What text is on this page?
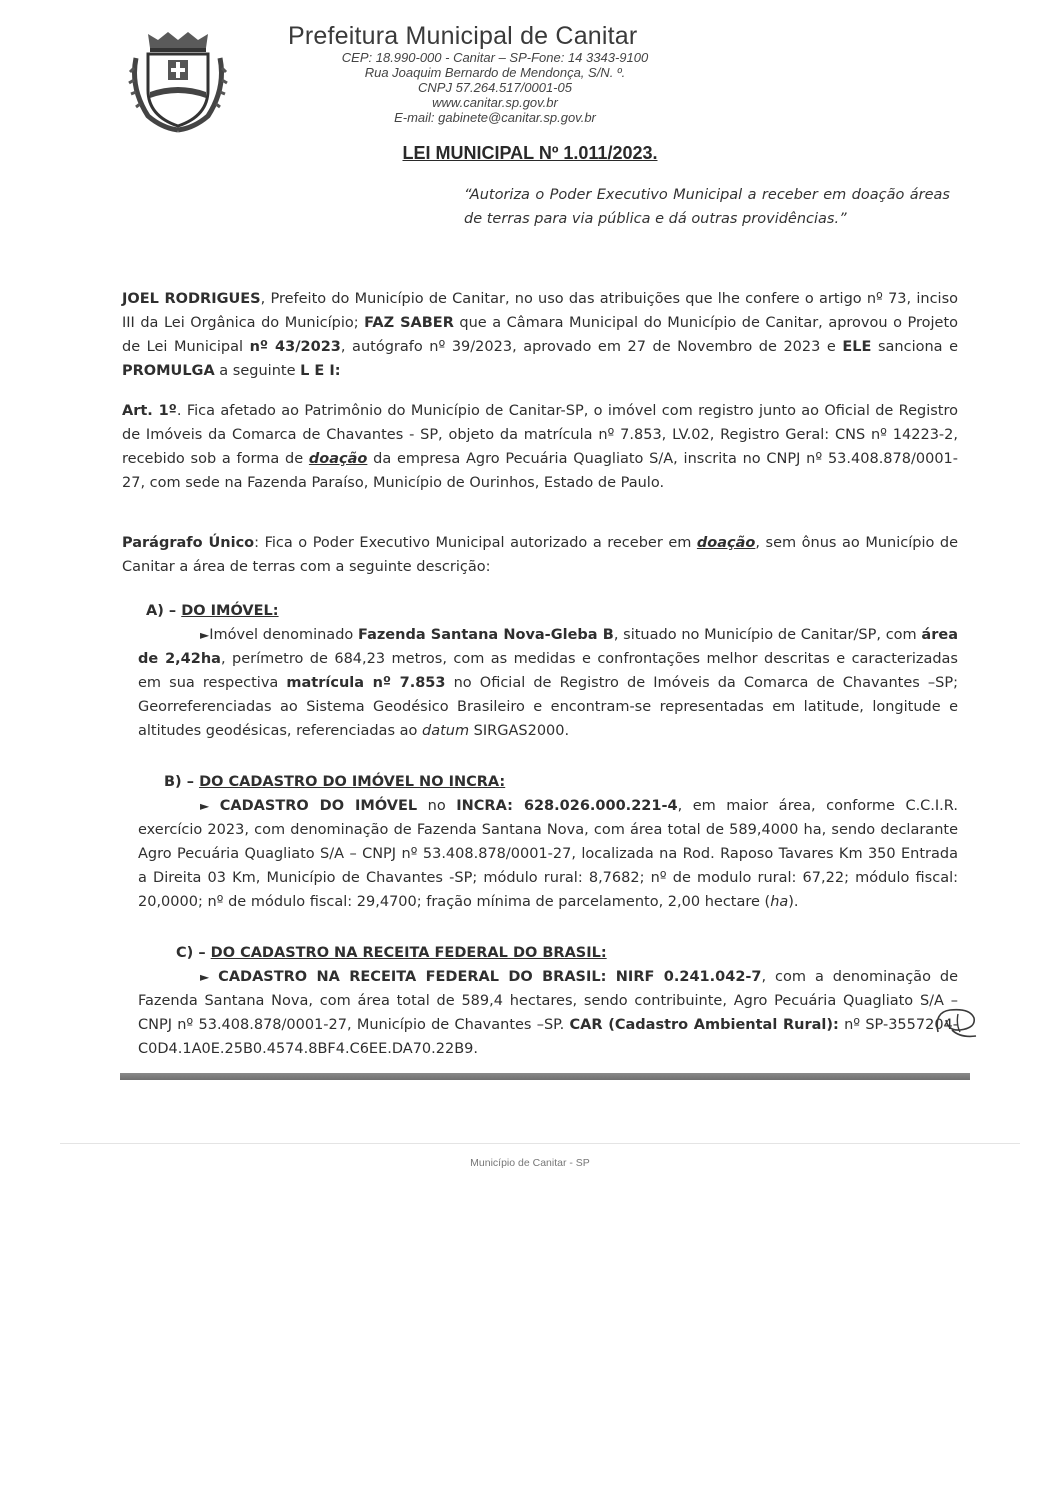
Prefeitura Municipal de Canitar
CEP: 18.990-000 - Canitar – SP-Fone: 14 3343-9100
Rua Joaquim Bernardo de Mendonça, S/N. º.
CNPJ 57.264.517/0001-05
www.canitar.sp.gov.br
E-mail: gabinete@canitar.sp.gov.br
LEI MUNICIPAL Nº 1.011/2023.
“Autoriza o Poder Executivo Municipal a receber em doação áreas de terras para via pública e dá outras providências.”
JOEL RODRIGUES, Prefeito do Município de Canitar, no uso das atribuições que lhe confere o artigo nº 73, inciso III da Lei Orgânica do Município; FAZ SABER que a Câmara Municipal do Município de Canitar, aprovou o Projeto de Lei Municipal nº 43/2023, autógrafo nº 39/2023, aprovado em 27 de Novembro de 2023 e ELE sanciona e PROMULGA a seguinte L E I:
Art. 1º. Fica afetado ao Patrimônio do Município de Canitar-SP, o imóvel com registro junto ao Oficial de Registro de Imóveis da Comarca de Chavantes - SP, objeto da matrícula nº 7.853, LV.02, Registro Geral: CNS nº 14223-2, recebido sob a forma de doação da empresa Agro Pecuária Quagliato S/A, inscrita no CNPJ nº 53.408.878/0001-27, com sede na Fazenda Paraíso, Município de Ourinhos, Estado de Paulo.
Parágrafo Único: Fica o Poder Executivo Municipal autorizado a receber em doação, sem ônus ao Município de Canitar a área de terras com a seguinte descrição:
A) – DO IMÓVEL:
►Imóvel denominado Fazenda Santana Nova-Gleba B, situado no Município de Canitar/SP, com área de 2,42ha, perímetro de 684,23 metros, com as medidas e confrontações melhor descritas e caracterizadas em sua respectiva matrícula nº 7.853 no Oficial de Registro de Imóveis da Comarca de Chavantes –SP; Georreferenciadas ao Sistema Geodésico Brasileiro e encontram-se representadas em latitude, longitude e altitudes geodésicas, referenciadas ao datum SIRGAS2000.
B) – DO CADASTRO DO IMÓVEL NO INCRA:
► CADASTRO DO IMÓVEL no INCRA: 628.026.000.221-4, em maior área, conforme C.C.I.R. exercício 2023, com denominação de Fazenda Santana Nova, com área total de 589,4000 ha, sendo declarante Agro Pecuária Quagliato S/A – CNPJ nº 53.408.878/0001-27, localizada na Rod. Raposo Tavares Km 350 Entrada a Direita 03 Km, Município de Chavantes -SP; módulo rural: 8,7682; nº de modulo rural: 67,22; módulo fiscal: 20,0000; nº de módulo fiscal: 29,4700; fração mínima de parcelamento, 2,00 hectare (ha).
C) – DO CADASTRO NA RECEITA FEDERAL DO BRASIL:
► CADASTRO NA RECEITA FEDERAL DO BRASIL: NIRF 0.241.042-7, com a denominação de Fazenda Santana Nova, com área total de 589,4 hectares, sendo contribuinte, Agro Pecuária Quagliato S/A – CNPJ nº 53.408.878/0001-27, Município de Chavantes –SP. CAR (Cadastro Ambiental Rural): nº SP-3557204-C0D4.1A0E.25B0.4574.8BF4.C6EE.DA70.22B9.
Município de Canitar - SP
